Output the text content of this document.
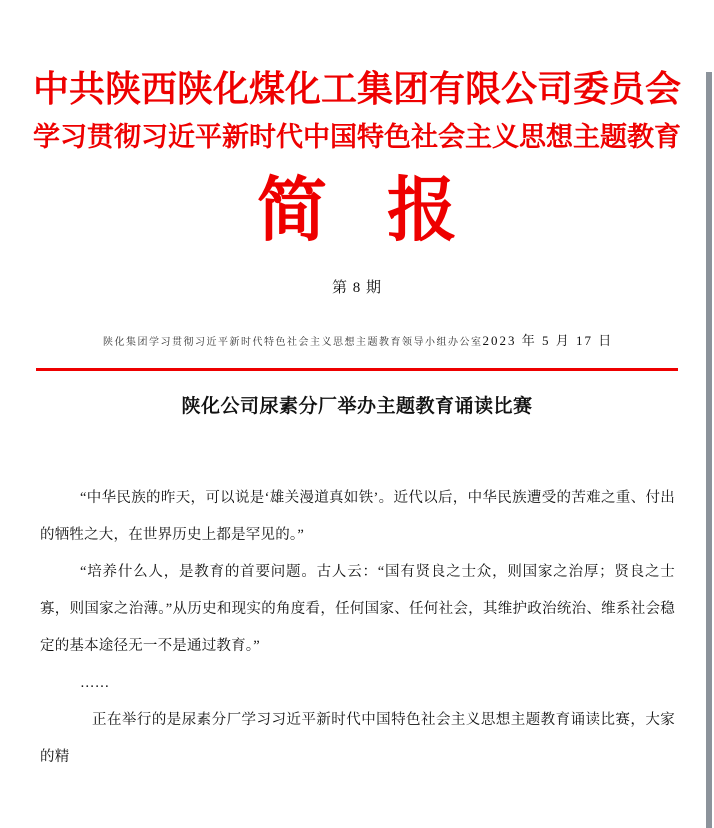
中共陕西陕化煤化工集团有限公司委员会
学习贯彻习近平新时代中国特色社会主义思想主题教育
简 报
第 8 期
陕化集团学习贯彻习近平新时代特色社会主义思想主题教育领导小组办公室 2023 年 5 月 17 日
陕化公司尿素分厂举办主题教育诵读比赛

“中华民族的昨天，可以说是‘雄关漫道真如铁’。近代以后，中华民族遭受的苦难之重、付出的牺牲之大，在世界历史上都是罕见的。”

“培养什么人，是教育的首要问题。古人云：“国有贤良之士众，则国家之治厚；贤良之士寡，则国家之治薄。”从历史和现实的角度看，任何国家、任何社会，其维护政治统治、维系社会稳定的基本途径无一不是通过教育。”

……

正在举行的是尿素分厂学习习近平新时代中国特色社会主义思想主题教育诵读比赛，大家的精
